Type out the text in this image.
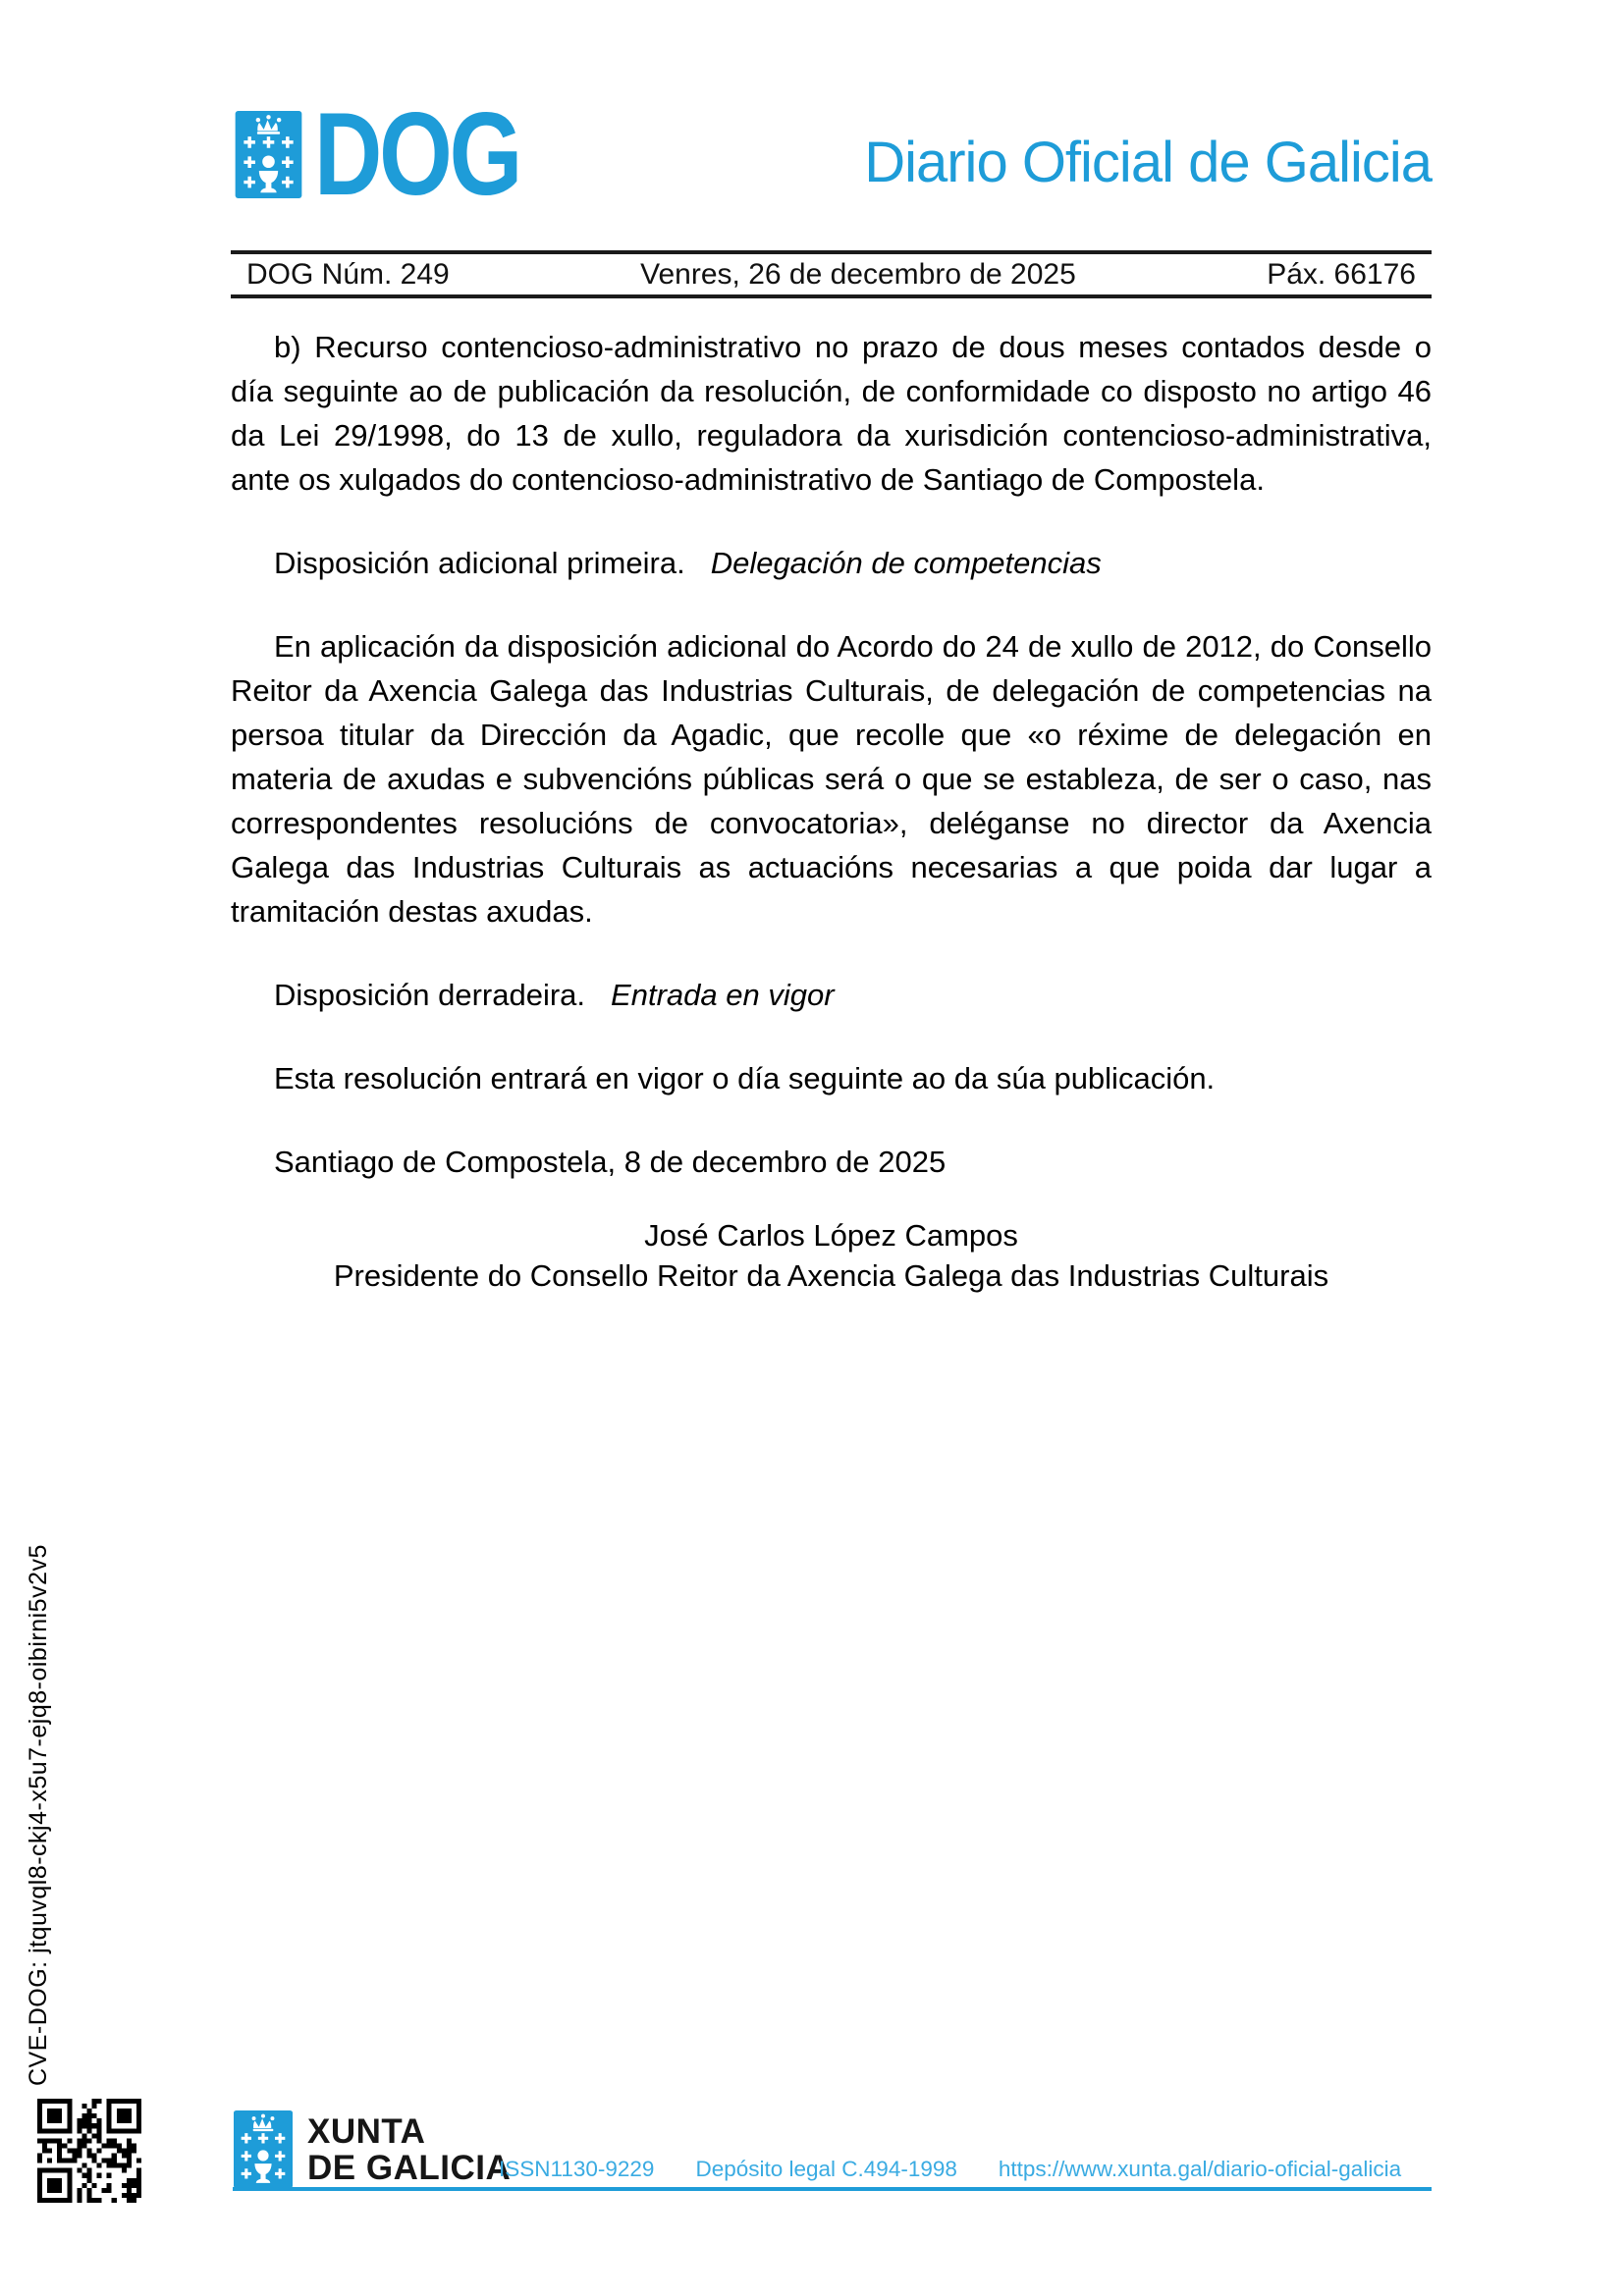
DOG	Diario Oficial de Galicia
DOG Núm. 249	Venres, 26 de decembro de 2025	Páx. 66176

b) Recurso contencioso-administrativo no prazo de dous meses contados desde o día seguinte ao de publicación da resolución, de conformidade co disposto no artigo 46 da Lei 29/1998, do 13 de xullo, reguladora da xurisdición contencioso-administrativa, ante os xulgados do contencioso-administrativo de Santiago de Compostela.

Disposición adicional primeira. Delegación de competencias

En aplicación da disposición adicional do Acordo do 24 de xullo de 2012, do Consello Reitor da Axencia Galega das Industrias Culturais, de delegación de competencias na persoa titular da Dirección da Agadic, que recolle que «o réxime de delegación en materia de axudas e subvencións públicas será o que se estableza, de ser o caso, nas correspondentes resolucións de convocatoria», deléganse no director da Axencia Galega das Industrias Culturais as actuacións necesarias a que poida dar lugar a tramitación destas axudas.

Disposición derradeira. Entrada en vigor

Esta resolución entrará en vigor o día seguinte ao da súa publicación.

Santiago de Compostela, 8 de decembro de 2025

José Carlos López Campos

Presidente do Consello Reitor da Axencia Galega das Industrias Culturais

CVE-DOG: jtquvql8-ckj4-x5u7-ejq8-oibirni5v2v5
XUNTA
DE GALICIA
ISSN1130-9229 Depósito legal C.494-1998 https://www.xunta.gal/diario-oficial-galicia
